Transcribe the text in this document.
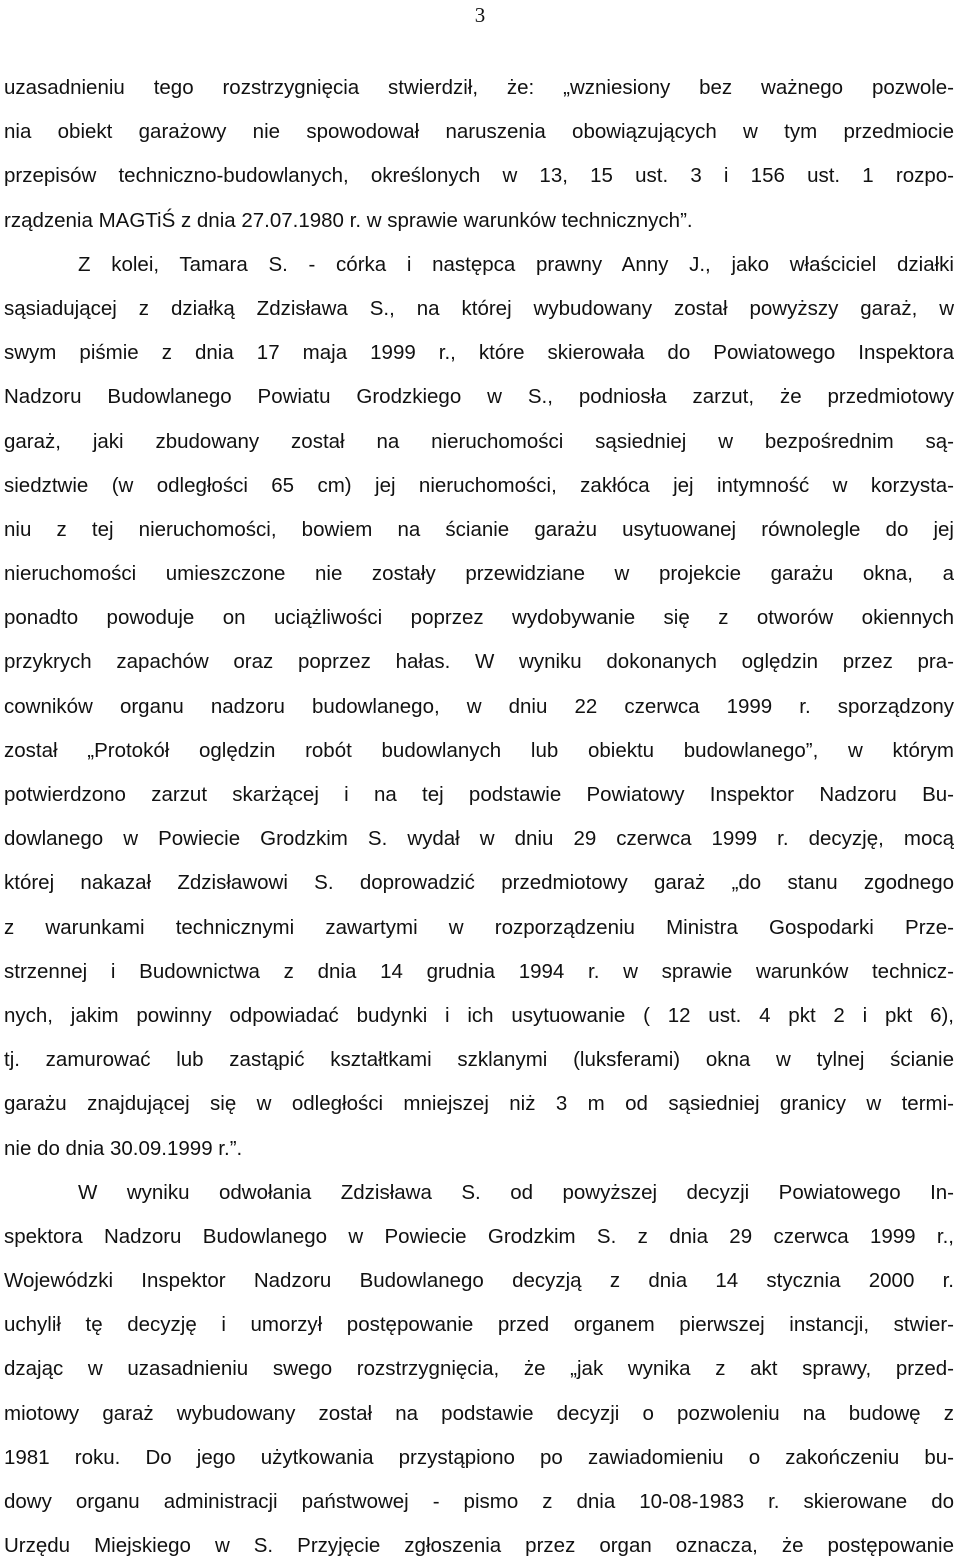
3
uzasadnieniu tego rozstrzygnięcia stwierdził, że: „wzniesiony bez ważnego pozwole-
nia obiekt garażowy nie spowodował naruszenia obowiązujących w tym przedmiocie
przepisów techniczno-budowlanych, określonych w 13, 15 ust. 3 i 156 ust. 1 rozpo-
rządzenia MAGTiŚ z dnia 27.07.1980 r. w sprawie warunków technicznych”.
Z kolei, Tamara S. - córka i następca prawny Anny J., jako właściciel działki
sąsiadującej z działką Zdzisława S., na której wybudowany został powyższy garaż, w
swym piśmie z dnia 17 maja 1999 r., które skierowała do Powiatowego Inspektora
Nadzoru Budowlanego Powiatu Grodzkiego w S., podniosła zarzut, że przedmiotowy
garaż, jaki zbudowany został na nieruchomości sąsiedniej w bezpośrednim są-
siedztwie (w odległości 65 cm) jej nieruchomości, zakłóca jej intymność w korzysta-
niu z tej nieruchomości, bowiem na ścianie garażu usytuowanej równolegle do jej
nieruchomości umieszczone nie zostały przewidziane w projekcie garażu okna, a
ponadto powoduje on uciążliwości poprzez wydobywanie się z otworów okiennych
przykrych zapachów oraz poprzez hałas. W wyniku dokonanych oględzin przez pra-
cowników organu nadzoru budowlanego, w dniu 22 czerwca 1999 r. sporządzony
został „Protokół oględzin robót budowlanych lub obiektu budowlanego”, w którym
potwierdzono zarzut skarżącej i na tej podstawie Powiatowy Inspektor Nadzoru Bu-
dowlanego w Powiecie Grodzkim S. wydał w dniu 29 czerwca 1999 r. decyzję, mocą
której nakazał Zdzisławowi S. doprowadzić przedmiotowy garaż „do stanu zgodnego
z warunkami technicznymi zawartymi w rozporządzeniu Ministra Gospodarki Prze-
strzennej i Budownictwa z dnia 14 grudnia 1994 r. w sprawie warunków technicz-
nych, jakim powinny odpowiadać budynki i ich usytuowanie ( 12 ust. 4 pkt 2 i pkt 6),
tj. zamurować lub zastąpić kształtkami szklanymi (luksferami) okna w tylnej ścianie
garażu znajdującej się w odległości mniejszej niż 3 m od sąsiedniej granicy w termi-
nie do dnia 30.09.1999 r.”.
W wyniku odwołania Zdzisława S. od powyższej decyzji Powiatowego In-
spektora Nadzoru Budowlanego w Powiecie Grodzkim S. z dnia 29 czerwca 1999 r.,
Wojewódzki Inspektor Nadzoru Budowlanego decyzją z dnia 14 stycznia 2000 r.
uchylił tę decyzję i umorzył postępowanie przed organem pierwszej instancji, stwier-
dzając w uzasadnieniu swego rozstrzygnięcia, że „jak wynika z akt sprawy, przed-
miotowy garaż wybudowany został na podstawie decyzji o pozwoleniu na budowę z
1981 roku. Do jego użytkowania przystąpiono po zawiadomieniu o zakończeniu bu-
dowy organu administracji państwowej - pismo z dnia 10-08-1983 r. skierowane do
Urzędu Miejskiego w S. Przyjęcie zgłoszenia przez organ oznacza, że postępowanie
